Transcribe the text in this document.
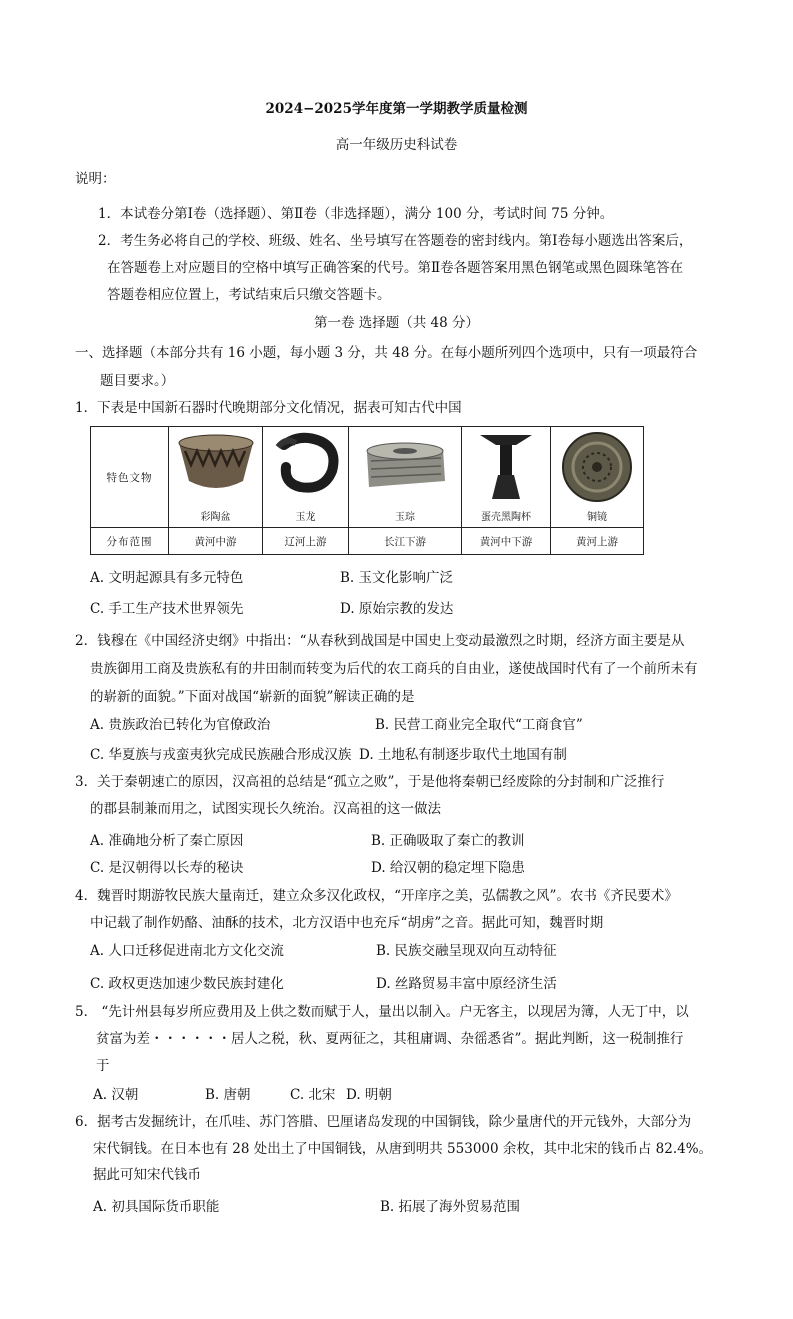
2024−2025学年度第一学期教学质量检测
高一年级历史科试卷
说明：
1．本试卷分第Ⅰ卷（选择题）、第Ⅱ卷（非选择题），满分 100 分，考试时间 75 分钟。
2．考生务必将自己的学校、班级、姓名、坐号填写在答题卷的密封线内。第Ⅰ卷每小题选出答案后，
在答题卷上对应题目的空格中填写正确答案的代号。第Ⅱ卷各题答案用黑色钢笔或黑色圆珠笔答在
答题卷相应位置上，考试结束后只缴交答题卡。
第一卷 选择题（共 48 分）
一、选择题（本部分共有 16 小题，每小题 3 分，共 48 分。在每小题所列四个选项中，只有一项最符合
题目要求。）
1．下表是中国新石器时代晚期部分文化情况，据表可知古代中国
特色文物	彩陶盆	玉龙	玉琮	蛋壳黑陶杯	铜镜

分布范围	黄河中游	辽河上游	长江下游	黄河中下游	黄河上游
A. 文明起源具有多元特色	B. 玉文化影响广泛
C. 手工生产技术世界领先	D. 原始宗教的发达
2．钱穆在《中国经济史纲》中指出：“从春秋到战国是中国史上变动最激烈之时期，经济方面主要是从
贵族御用工商及贵族私有的井田制而转变为后代的农工商兵的自由业，遂使战国时代有了一个前所未有
的崭新的面貌。”下面对战国“崭新的面貌”解读正确的是
A. 贵族政治已转化为官僚政治	B. 民营工商业完全取代“工商食官”
C. 华夏族与戎蛮夷狄完成民族融合形成汉族 D. 土地私有制逐步取代土地国有制
3．关于秦朝速亡的原因，汉高祖的总结是“孤立之败”，于是他将秦朝已经废除的分封制和广泛推行
的郡县制兼而用之，试图实现长久统治。汉高祖的这一做法
A. 准确地分析了秦亡原因	B. 正确吸取了秦亡的教训
C. 是汉朝得以长寿的秘诀	D. 给汉朝的稳定埋下隐患
4．魏晋时期游牧民族大量南迁，建立众多汉化政权，“开庠序之美，弘儒教之风”。农书《齐民要术》
中记载了制作奶酪、油酥的技术，北方汉语中也充斥“胡虏”之音。据此可知，魏晋时期
A. 人口迁移促进南北方文化交流	B. 民族交融呈现双向互动特征
C. 政权更迭加速少数民族封建化	D. 丝路贸易丰富中原经济生活
5． “先计州县每岁所应费用及上供之数而赋于人，量出以制入。户无客主，以现居为簿，人无丁中，以
贫富为差・・・・・・居人之税，秋、夏两征之，其租庸调、杂徭悉省”。据此判断，这一税制推行
于
A. 汉朝	B. 唐朝	C. 北宋 D. 明朝
6．据考古发掘统计，在爪哇、苏门答腊、巴厘诸岛发现的中国铜钱，除少量唐代的开元钱外，大部分为
宋代铜钱。在日本也有 28 处出土了中国铜钱，从唐到明共 553000 余枚，其中北宋的钱币占 82.4%。
据此可知宋代钱币
A. 初具国际货币职能	B. 拓展了海外贸易范围
